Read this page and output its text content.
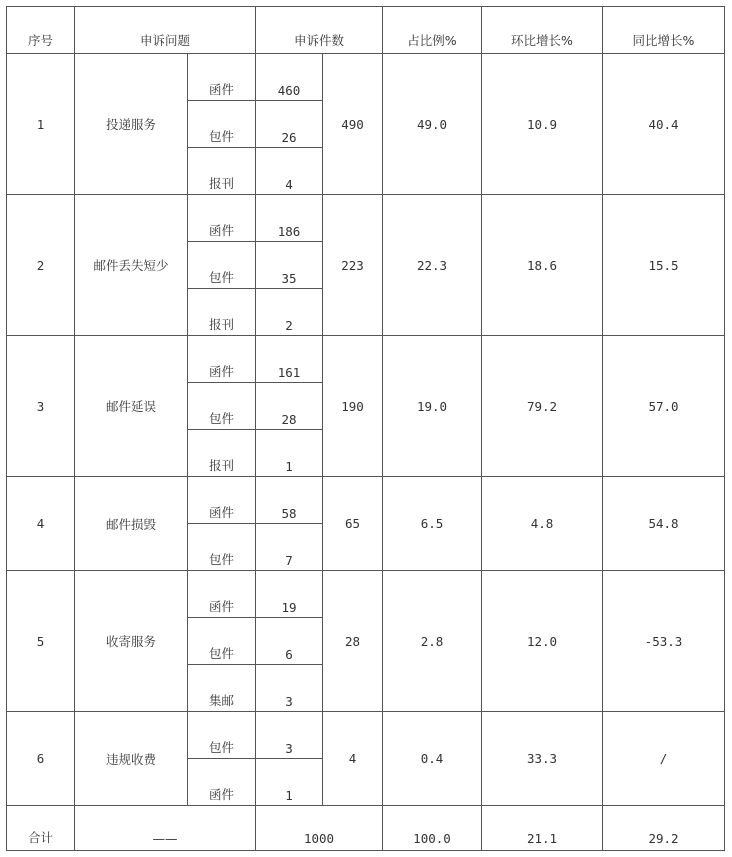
序号	申诉问题		申诉件数		占比例%	环比增长%	同比增长%
1	投递服务	函件	460	490	49.0	10.9	40.4
		包件	26				
		报刊	4				
2	邮件丢失短少	函件	186	223	22.3	18.6	15.5
		包件	35				
		报刊	2				
3	邮件延误	函件	161	190	19.0	79.2	57.0
		包件	28				
		报刊	1				
4	邮件损毁	函件	58	65	6.5	4.8	54.8
		包件	7				
5	收寄服务	函件	19	28	2.8	12.0	-53.3
		包件	6				
		集邮	3				
6	违规收费	包件	3	4	0.4	33.3	/
		函件	1				
合计	——		1000		100.0	21.1	29.2
